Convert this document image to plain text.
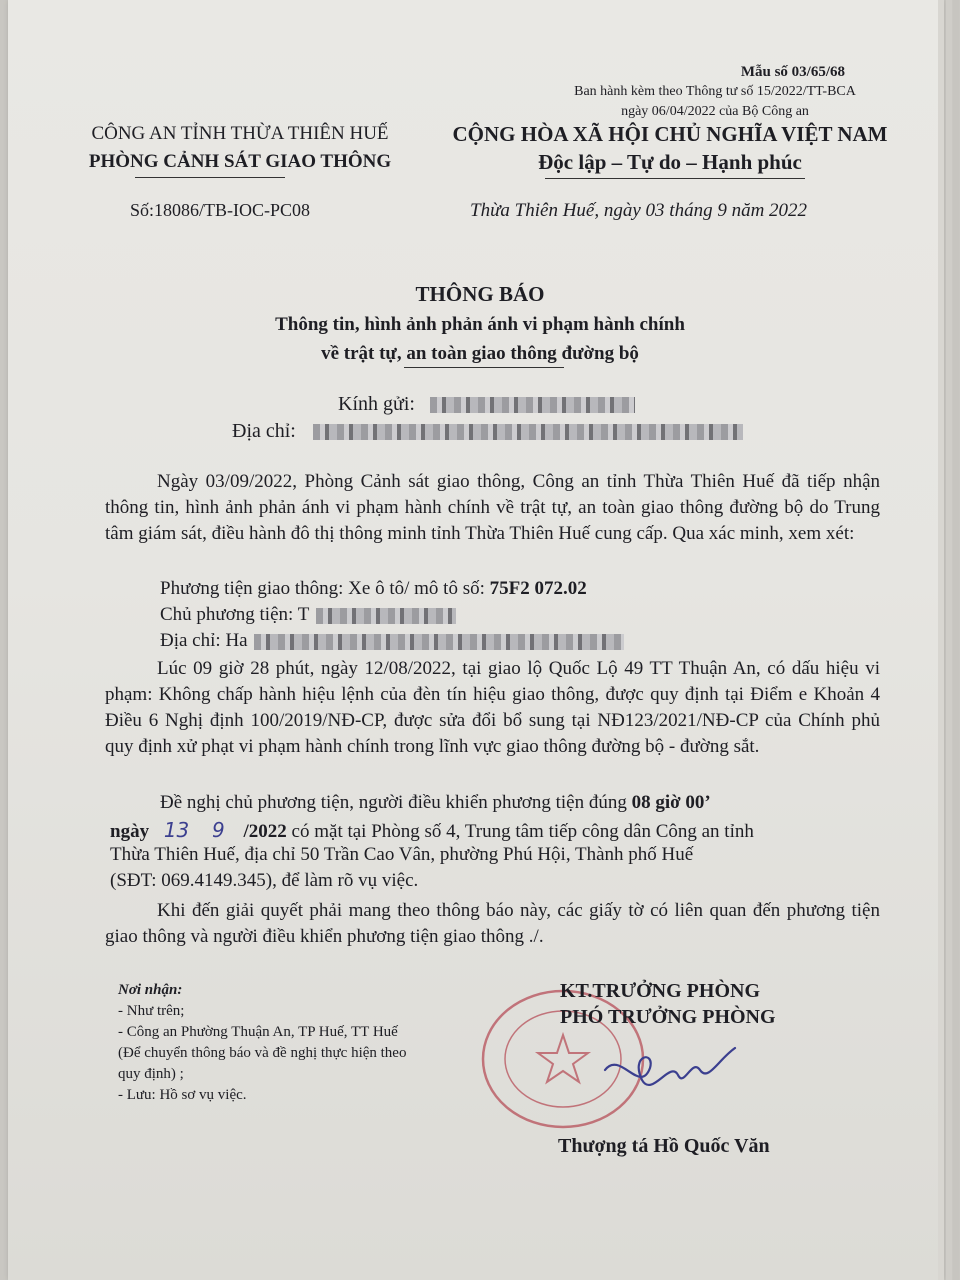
Mẫu số 03/65/68
Ban hành kèm theo Thông tư số 15/2022/TT-BCA
ngày 06/04/2022 của Bộ Công an
CÔNG AN TỈNH THỪA THIÊN HUẾ
PHÒNG CẢNH SÁT GIAO THÔNG
CỘNG HÒA XÃ HỘI CHỦ NGHĨA VIỆT NAM
Độc lập – Tự do – Hạnh phúc
Số:18086/TB-IOC-PC08	Thừa Thiên Huế, ngày 03 tháng 9 năm 2022
THÔNG BÁO
Thông tin, hình ảnh phản ánh vi phạm hành chính
về trật tự, an toàn giao thông đường bộ
Kính gửi:
Địa chỉ:
Ngày 03/09/2022, Phòng Cảnh sát giao thông, Công an tỉnh Thừa Thiên Huế đã tiếp nhận thông tin, hình ảnh phản ánh vi phạm hành chính về trật tự, an toàn giao thông đường bộ do Trung tâm giám sát, điều hành đô thị thông minh tỉnh Thừa Thiên Huế cung cấp. Qua xác minh, xem xét:
Phương tiện giao thông: Xe ô tô/ mô tô số: 75F2 072.02
Chủ phương tiện: T
Địa chỉ: Ha
Lúc 09 giờ 28 phút, ngày 12/08/2022, tại giao lộ Quốc Lộ 49 TT Thuận An, có dấu hiệu vi phạm: Không chấp hành hiệu lệnh của đèn tín hiệu giao thông, được quy định tại Điểm e Khoản 4 Điều 6 Nghị định 100/2019/NĐ-CP, được sửa đổi bổ sung tại NĐ123/2021/NĐ-CP của Chính phủ quy định xử phạt vi phạm hành chính trong lĩnh vực giao thông đường bộ - đường sắt.
Đề nghị chủ phương tiện, người điều khiển phương tiện đúng 08 giờ 00’
ngày 13 9 /2022 có mặt tại Phòng số 4, Trung tâm tiếp công dân Công an tỉnh
Thừa Thiên Huế, địa chỉ 50 Trần Cao Vân, phường Phú Hội, Thành phố Huế
(SĐT: 069.4149.345), để làm rõ vụ việc.
Khi đến giải quyết phải mang theo thông báo này, các giấy tờ có liên quan đến phương tiện giao thông và người điều khiển phương tiện giao thông ./.
Nơi nhận:
- Như trên;
- Công an Phường Thuận An, TP Huế, TT Huế
(Để chuyển thông báo và đề nghị thực hiện theo
quy định) ;
- Lưu: Hồ sơ vụ việc.
KT.TRƯỞNG PHÒNG
PHÓ TRƯỞNG PHÒNG
Thượng tá Hồ Quốc Văn
